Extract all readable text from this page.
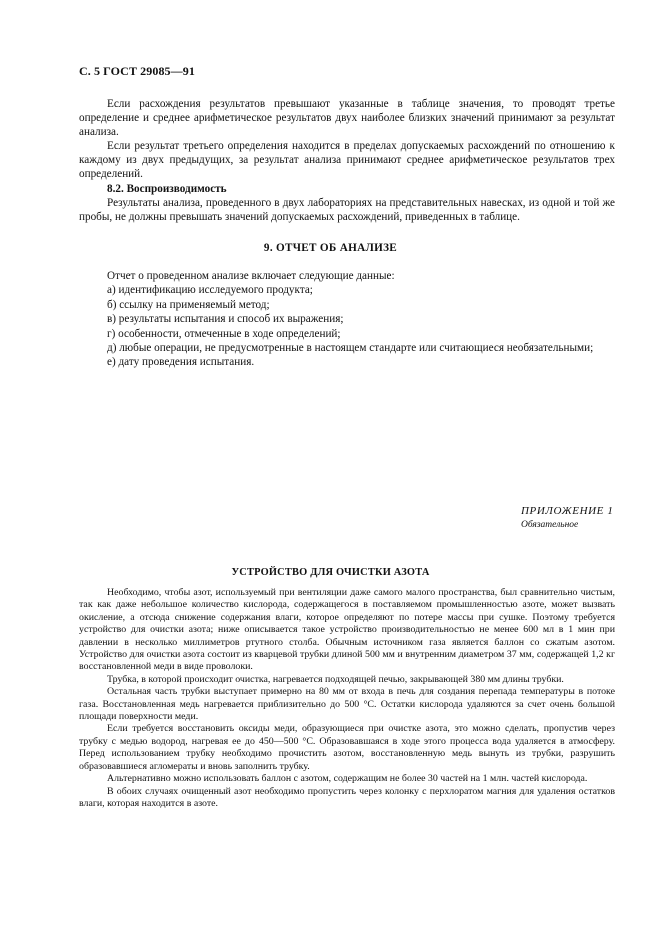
С. 5 ГОСТ 29085—91

Если расхождения результатов превышают указанные в таблице значения, то проводят третье определение и среднее арифметическое результатов двух наиболее близких значений принимают за результат анализа.

Если результат третьего определения находится в пределах допускаемых расхождений по отношению к каждому из двух предыдущих, за результат анализа принимают среднее арифметическое результатов трех определений.

8.2. Воспроизводимость

Результаты анализа, проведенного в двух лабораториях на представительных навесках, из одной и той же пробы, не должны превышать значений допускаемых расхождений, приведенных в таблице.

9. ОТЧЕТ ОБ АНАЛИЗЕ

Отчет о проведенном анализе включает следующие данные:

а) идентификацию исследуемого продукта;

б) ссылку на применяемый метод;

в) результаты испытания и способ их выражения;

г) особенности, отмеченные в ходе определений;

д) любые операции, не предусмотренные в настоящем стандарте или считающиеся необязательными;

е) дату проведения испытания.

ПРИЛОЖЕНИЕ 1
Обязательное
УСТРОЙСТВО ДЛЯ ОЧИСТКИ АЗОТА

Необходимо, чтобы азот, используемый при вентиляции даже самого малого пространства, был сравнительно чистым, так как даже небольшое количество кислорода, содержащегося в поставляемом промышленностью азоте, может вызвать окисление, а отсюда снижение содержания влаги, которое определяют по потере массы при сушке. Поэтому требуется устройство для очистки азота; ниже описывается такое устройство производительностью не менее 600 мл в 1 мин при давлении в несколько миллиметров ртутного столба. Обычным источником газа является баллон со сжатым азотом. Устройство для очистки азота состоит из кварцевой трубки длиной 500 мм и внутренним диаметром 37 мм, содержащей 1,2 кг восстановленной меди в виде проволоки.

Трубка, в которой происходит очистка, нагревается подходящей печью, закрывающей 380 мм длины трубки.

Остальная часть трубки выступает примерно на 80 мм от входа в печь для создания перепада температуры в потоке газа. Восстановленная медь нагревается приблизительно до 500 °С. Остатки кислорода удаляются за счет очень большой площади поверхности меди.

Если требуется восстановить оксиды меди, образующиеся при очистке азота, это можно сделать, пропустив через трубку с медью водород, нагревая ее до 450—500 °С. Образовавшаяся в ходе этого процесса вода удаляется в атмосферу. Перед использованием трубку необходимо прочистить азотом, восстановленную медь вынуть из трубки, разрушить образовавшиеся агломераты и вновь заполнить трубку.

Альтернативно можно использовать баллон с азотом, содержащим не более 30 частей на 1 млн. частей кислорода.

В обоих случаях очищенный азот необходимо пропустить через колонку с перхлоратом магния для удаления остатков влаги, которая находится в азоте.
